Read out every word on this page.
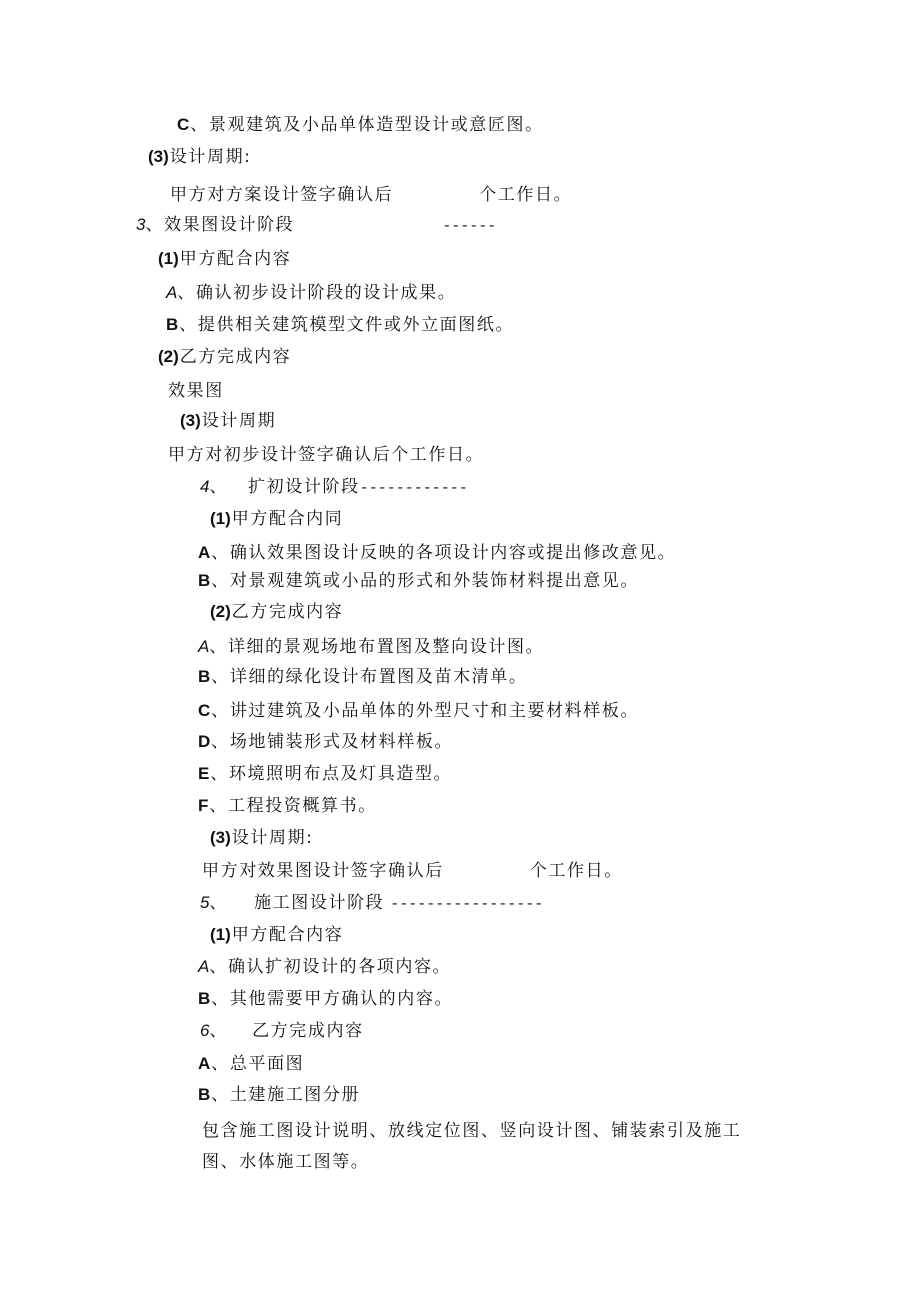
C、景观建筑及小品单体造型设计或意匠图。
(3)设计周期:
甲方对方案设计签字确认后	个工作日。
3、效果图设计阶段	------
(1)甲方配合内容
A、确认初步设计阶段的设计成果。
B、提供相关建筑模型文件或外立面图纸。
(2)乙方完成内容
效果图
(3)设计周期
甲方对初步设计签字确认后个工作日。
4、 扩初设计阶段------------
(1)甲方配合内同
A、确认效果图设计反映的各项设计内容或提出修改意见。
B、对景观建筑或小品的形式和外装饰材料提出意见。
(2)乙方完成内容
A、详细的景观场地布置图及整向设计图。
B、详细的绿化设计布置图及苗木清单。
C、讲过建筑及小品单体的外型尺寸和主要材料样板。
D、场地铺装形式及材料样板。
E、环境照明布点及灯具造型。
F、工程投资概算书。
(3)设计周期:
甲方对效果图设计签字确认后	个工作日。
5、 施工图设计阶段 -----------------
(1)甲方配合内容
A、确认扩初设计的各项内容。
B、其他需要甲方确认的内容。
6、 乙方完成内容
A、总平面图
B、土建施工图分册
包含施工图设计说明、放线定位图、竖向设计图、铺装索引及施工
图、水体施工图等。
